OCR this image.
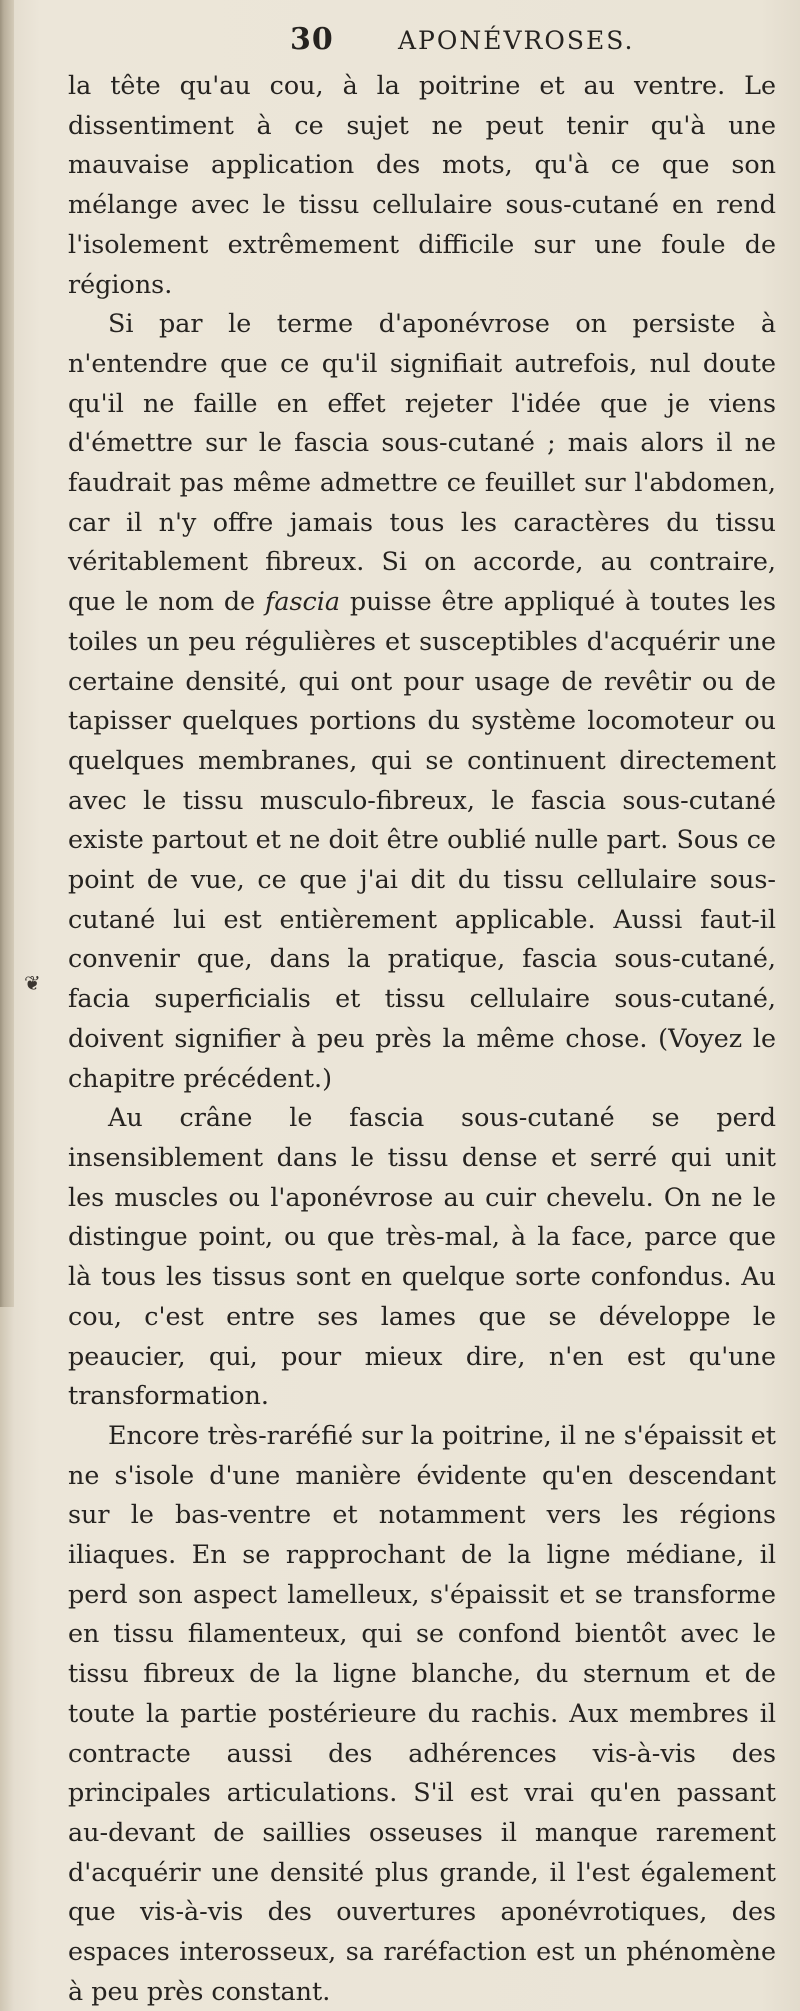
30	APONÉVROSES.
❦

la tête qu'au cou, à la poitrine et au ventre. Le dissentiment à ce sujet ne peut tenir qu'à une mauvaise application des mots, qu'à ce que son mélange avec le tissu cellulaire sous-cutané en rend l'isolement extrêmement difficile sur une foule de régions.

Si par le terme d'aponévrose on persiste à n'entendre que ce qu'il signifiait autrefois, nul doute qu'il ne faille en effet rejeter l'idée que je viens d'émettre sur le fascia sous-cutané ; mais alors il ne faudrait pas même admettre ce feuillet sur l'abdomen, car il n'y offre jamais tous les caractères du tissu véritablement fibreux. Si on accorde, au contraire, que le nom de fascia puisse être appliqué à toutes les toiles un peu régulières et susceptibles d'acquérir une certaine densité, qui ont pour usage de revêtir ou de tapisser quelques portions du système locomoteur ou quelques membranes, qui se continuent directement avec le tissu musculo-fibreux, le fascia sous-cutané existe partout et ne doit être oublié nulle part. Sous ce point de vue, ce que j'ai dit du tissu cellulaire sous-cutané lui est entièrement applicable. Aussi faut-il convenir que, dans la pratique, fascia sous-cutané, facia superficialis et tissu cellulaire sous-cutané, doivent signifier à peu près la même chose. (Voyez le chapitre précédent.)

Au crâne le fascia sous-cutané se perd insensiblement dans le tissu dense et serré qui unit les muscles ou l'aponévrose au cuir chevelu. On ne le distingue point, ou que très-mal, à la face, parce que là tous les tissus sont en quelque sorte confondus. Au cou, c'est entre ses lames que se développe le peaucier, qui, pour mieux dire, n'en est qu'une transformation.

Encore très-raréfié sur la poitrine, il ne s'épaissit et ne s'isole d'une manière évidente qu'en descendant sur le bas-ventre et notamment vers les régions iliaques. En se rapprochant de la ligne médiane, il perd son aspect lamelleux, s'épaissit et se transforme en tissu filamenteux, qui se confond bientôt avec le tissu fibreux de la ligne blanche, du sternum et de toute la partie postérieure du rachis. Aux membres il contracte aussi des adhérences vis-à-vis des principales articulations. S'il est vrai qu'en passant au-devant de saillies osseuses il manque rarement d'acquérir une densité plus grande, il l'est également que vis-à-vis des ouvertures aponévrotiques, des espaces interosseux, sa raréfaction est un phénomène à peu près constant.
